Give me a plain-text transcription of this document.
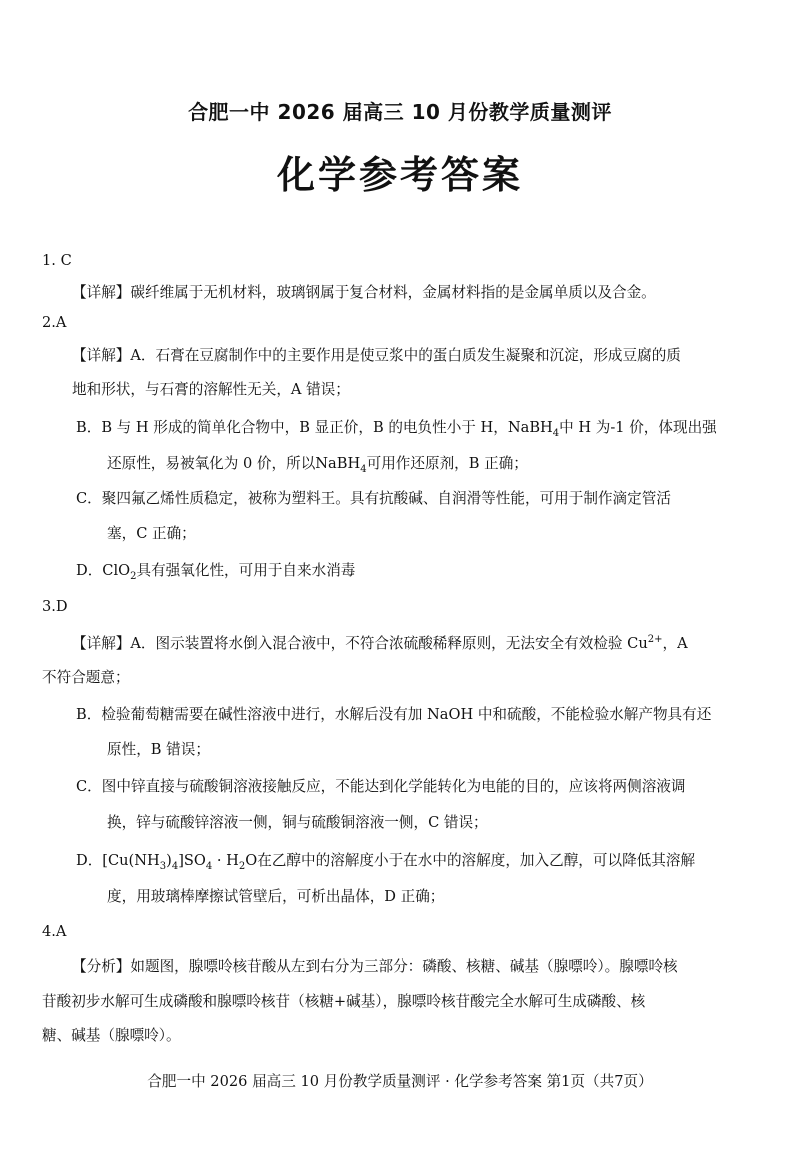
合肥一中 2026 届高三 10 月份教学质量测评
化学参考答案
1. C
【详解】碳纤维属于无机材料，玻璃钢属于复合材料，金属材料指的是金属单质以及合金。
2.A
【详解】A．石膏在豆腐制作中的主要作用是使豆浆中的蛋白质发生凝聚和沉淀，形成豆腐的质
地和形状，与石膏的溶解性无关，A 错误；
B．B 与 H 形成的简单化合物中，B 显正价，B 的电负性小于 H，NaBH$_4$中 H 为-1 价，体现出强
还原性，易被氧化为 0 价，所以NaBH$_4$可用作还原剂，B 正确；
C．聚四氟乙烯性质稳定，被称为塑料王。具有抗酸碱、自润滑等性能，可用于制作滴定管活
塞，C 正确；
D．ClO$_2$具有强氧化性，可用于自来水消毒
3.D
【详解】A．图示装置将水倒入混合液中，不符合浓硫酸稀释原则，无法安全有效检验 $Cu^{2+}$，A
不符合题意；
B．检验葡萄糖需要在碱性溶液中进行，水解后没有加 NaOH 中和硫酸，不能检验水解产物具有还
原性，B 错误；
C．图中锌直接与硫酸铜溶液接触反应，不能达到化学能转化为电能的目的，应该将两侧溶液调
换，锌与硫酸锌溶液一侧，铜与硫酸铜溶液一侧，C 错误；
D．$[Cu(NH_3)_4]SO_4 \cdot H_2O$在乙醇中的溶解度小于在水中的溶解度，加入乙醇，可以降低其溶解
度，用玻璃棒摩擦试管壁后，可析出晶体，D 正确；
4.A
【分析】如题图，腺嘌呤核苷酸从左到右分为三部分：磷酸、核糖、碱基（腺嘌呤）。腺嘌呤核
苷酸初步水解可生成磷酸和腺嘌呤核苷（核糖+碱基），腺嘌呤核苷酸完全水解可生成磷酸、核
糖、碱基（腺嘌呤）。
合肥一中 2026 届高三 10 月份教学质量测评 · 化学参考答案 第1页（共7页）
